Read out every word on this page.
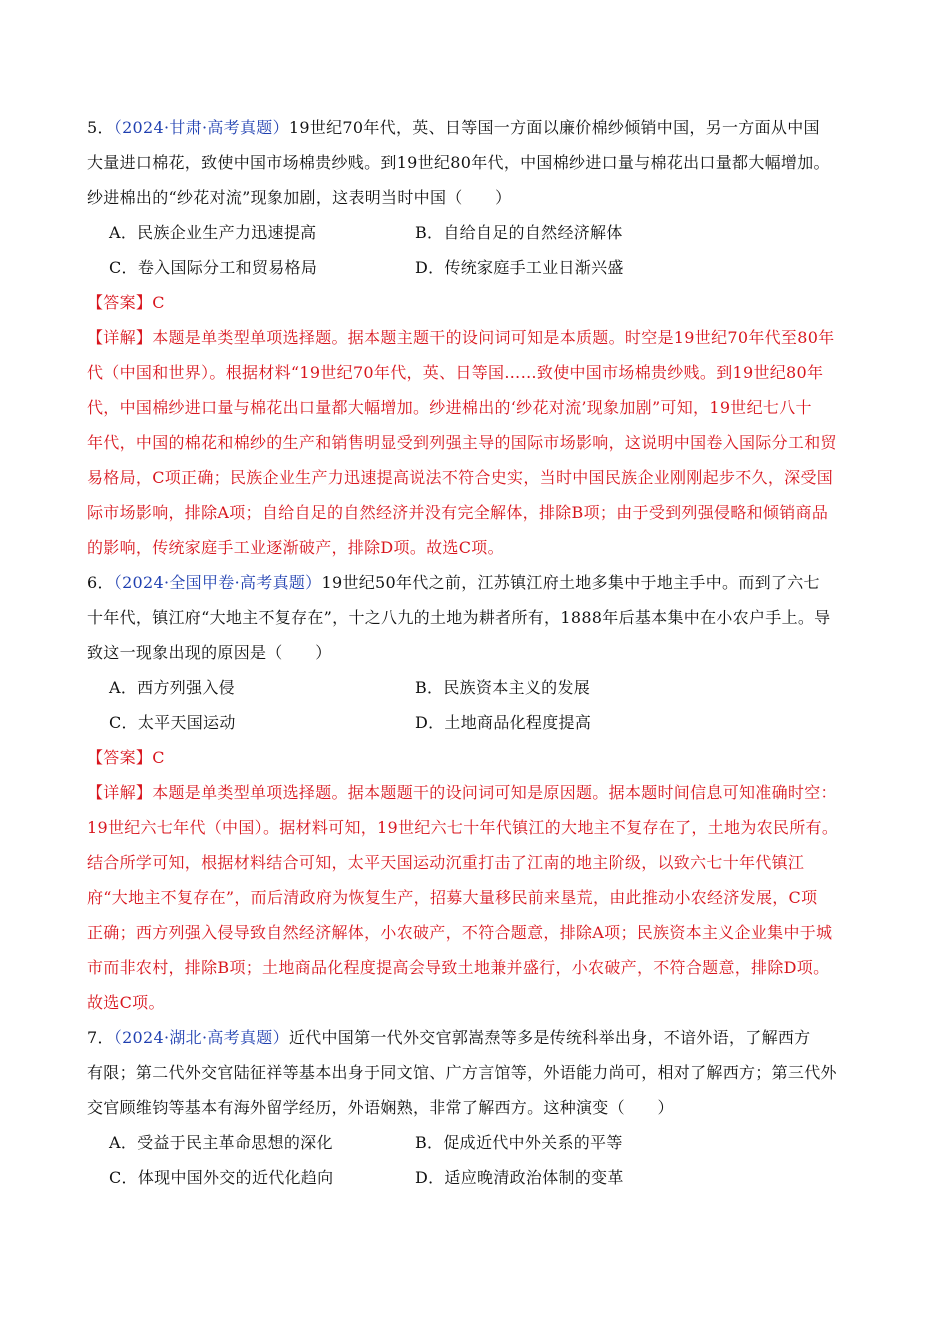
5．（2024·甘肃·高考真题）19世纪70年代，英、日等国一方面以廉价棉纱倾销中国，另一方面从中国

大量进口棉花，致使中国市场棉贵纱贱。到19世纪80年代，中国棉纱进口量与棉花出口量都大幅增加。

纱进棉出的“纱花对流”现象加剧，这表明当时中国（　　）

A．民族企业生产力迅速提高	B．自给自足的自然经济解体
C．卷入国际分工和贸易格局	D．传统家庭手工业日渐兴盛

【答案】C

【详解】本题是单类型单项选择题。据本题主题干的设问词可知是本质题。时空是19世纪70年代至80年

代（中国和世界）。根据材料“19世纪70年代，英、日等国……致使中国市场棉贵纱贱。到19世纪80年

代，中国棉纱进口量与棉花出口量都大幅增加。纱进棉出的‘纱花对流’现象加剧”可知，19世纪七八十

年代，中国的棉花和棉纱的生产和销售明显受到列强主导的国际市场影响，这说明中国卷入国际分工和贸

易格局，C项正确；民族企业生产力迅速提高说法不符合史实，当时中国民族企业刚刚起步不久，深受国

际市场影响，排除A项；自给自足的自然经济并没有完全解体，排除B项；由于受到列强侵略和倾销商品

的影响，传统家庭手工业逐渐破产，排除D项。故选C项。

6．（2024·全国甲卷·高考真题）19世纪50年代之前，江苏镇江府土地多集中于地主手中。而到了六七

十年代，镇江府“大地主不复存在”，十之八九的土地为耕者所有，1888年后基本集中在小农户手上。导

致这一现象出现的原因是（　　）

A．西方列强入侵	B．民族资本主义的发展
C．太平天国运动	D．土地商品化程度提高

【答案】C

【详解】本题是单类型单项选择题。据本题题干的设问词可知是原因题。据本题时间信息可知准确时空：

19世纪六七年代（中国）。据材料可知，19世纪六七十年代镇江的大地主不复存在了，土地为农民所有。

结合所学可知，根据材料结合可知，太平天国运动沉重打击了江南的地主阶级，以致六七十年代镇江

府“大地主不复存在”，而后清政府为恢复生产，招募大量移民前来垦荒，由此推动小农经济发展，C项

正确；西方列强入侵导致自然经济解体，小农破产，不符合题意，排除A项；民族资本主义企业集中于城

市而非农村，排除B项；土地商品化程度提高会导致土地兼并盛行，小农破产，不符合题意，排除D项。

故选C项。

7．（2024·湖北·高考真题）近代中国第一代外交官郭嵩焘等多是传统科举出身，不谙外语，了解西方

有限；第二代外交官陆征祥等基本出身于同文馆、广方言馆等，外语能力尚可，相对了解西方；第三代外

交官顾维钧等基本有海外留学经历，外语娴熟，非常了解西方。这种演变（　　）

A．受益于民主革命思想的深化	B．促成近代中外关系的平等
C．体现中国外交的近代化趋向	D．适应晚清政治体制的变革
